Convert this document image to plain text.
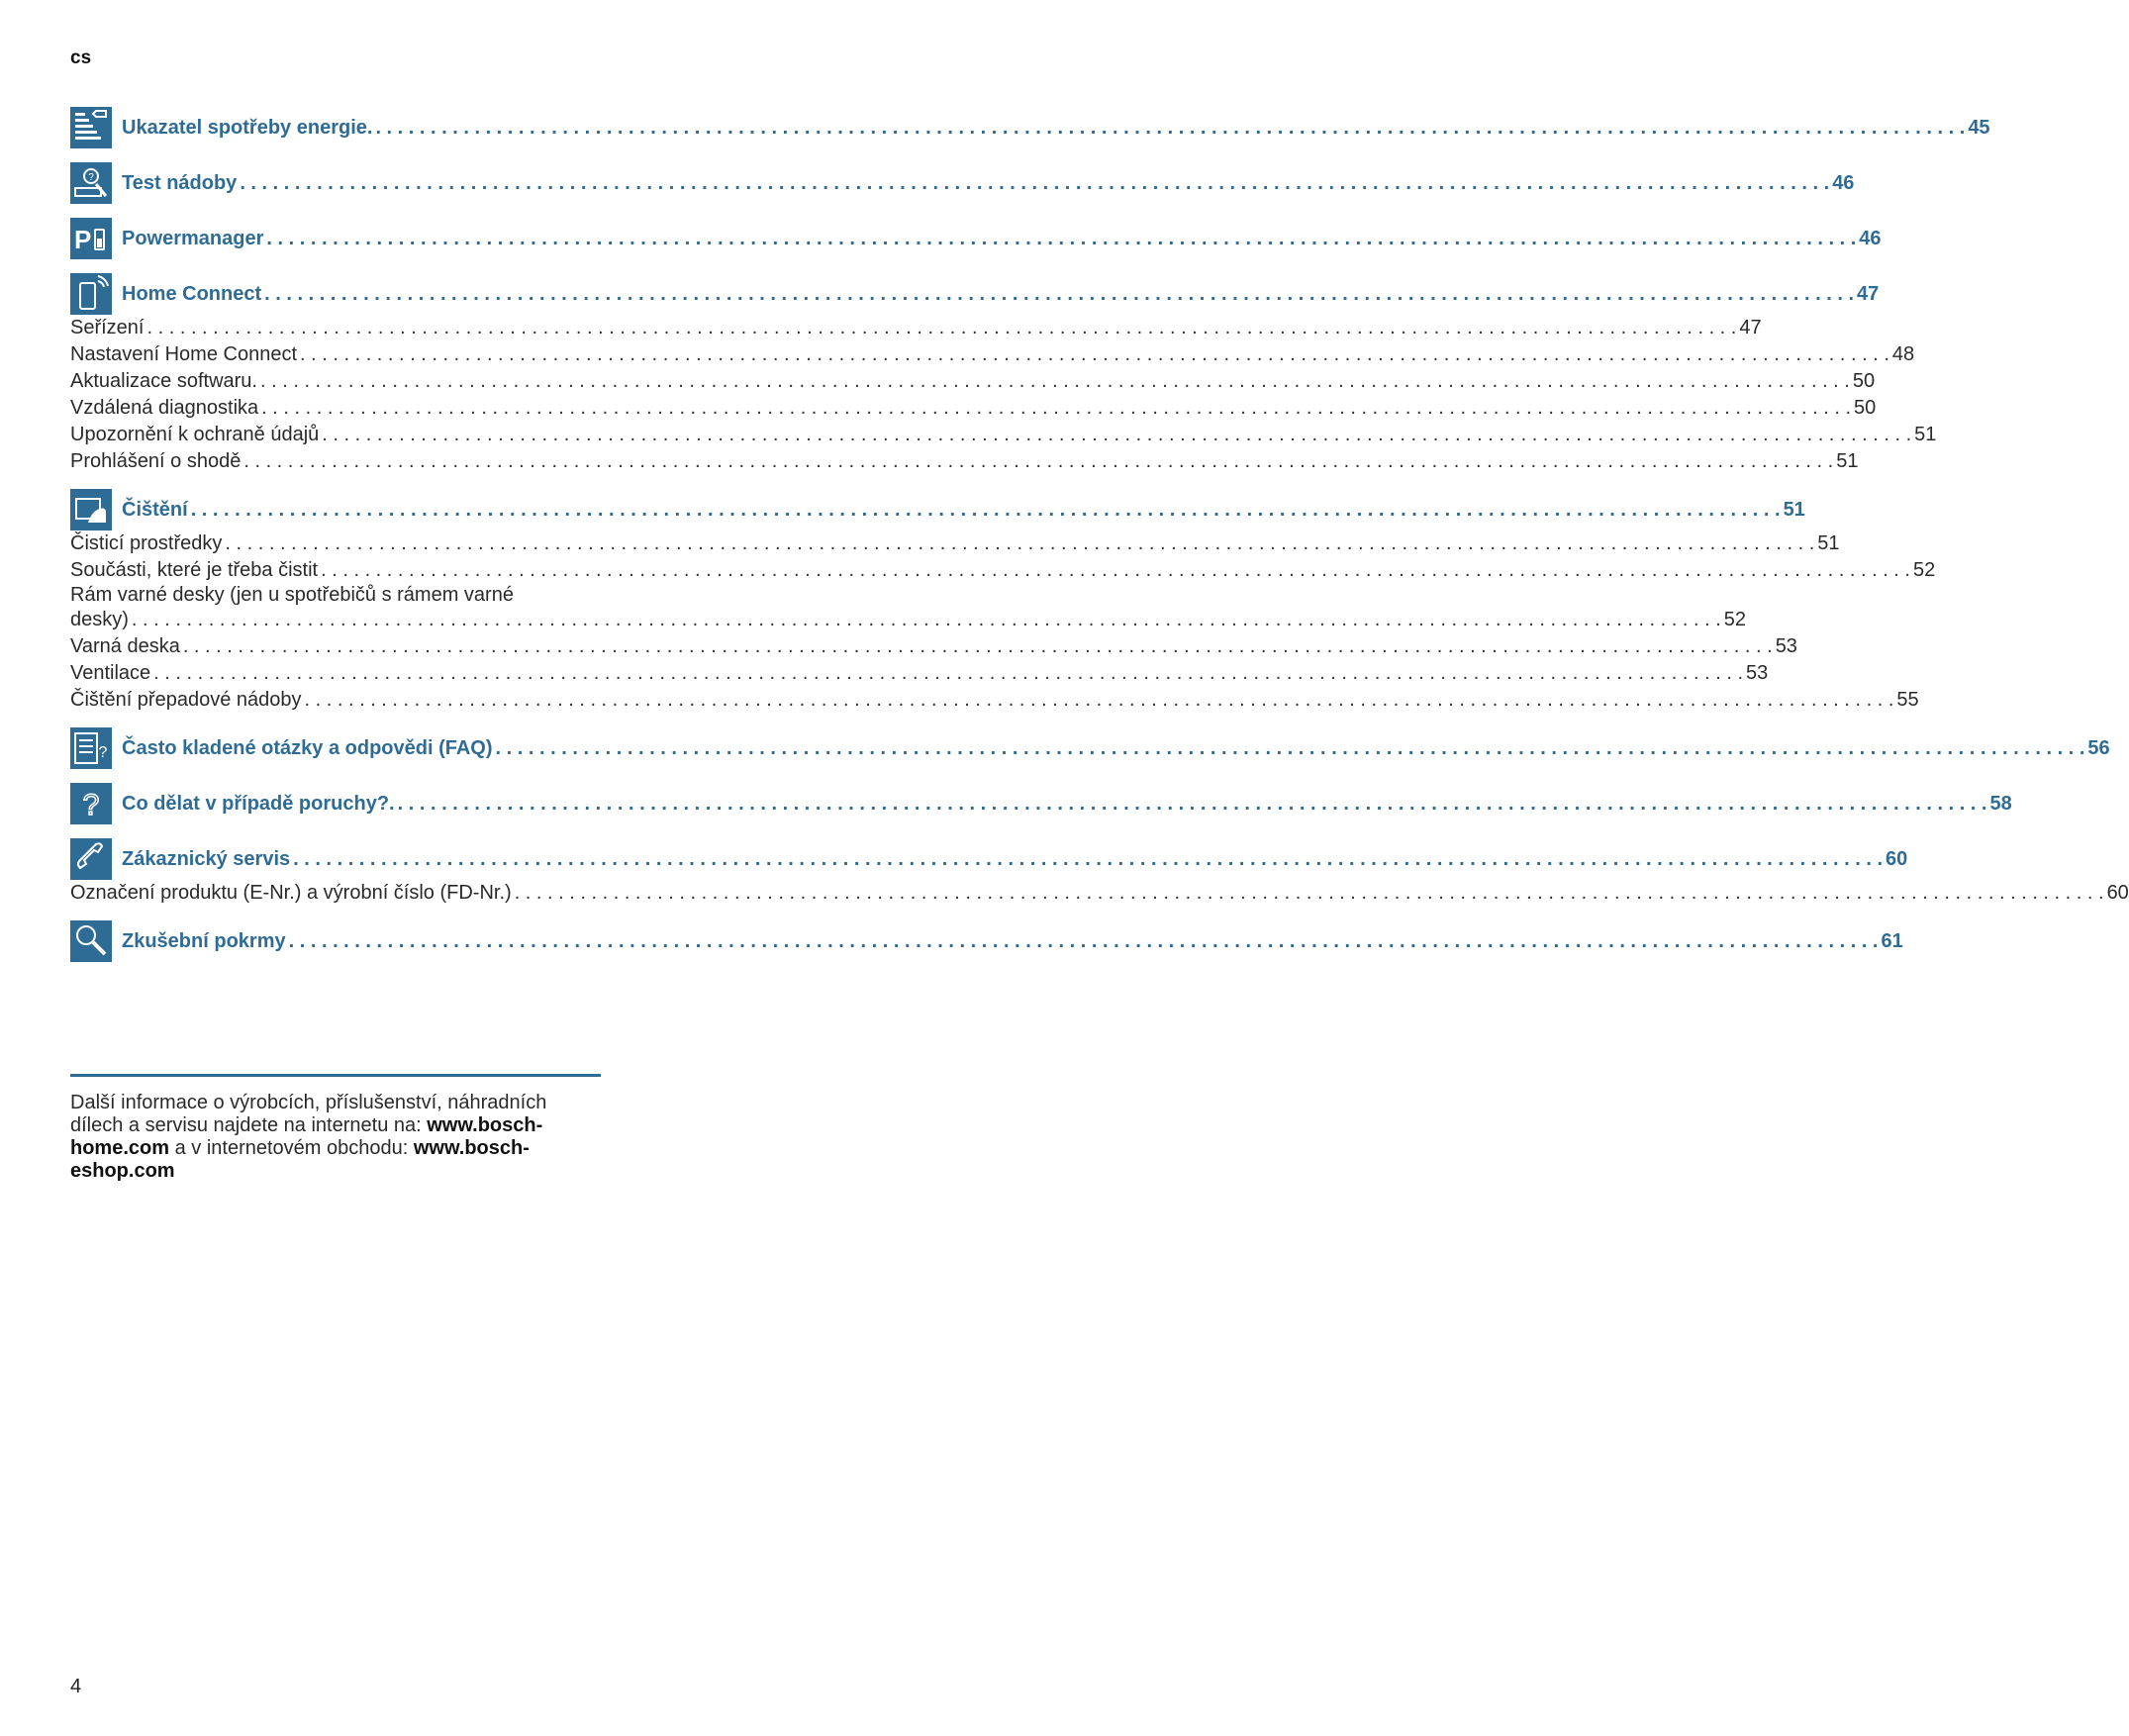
cs
Ukazatel spotřeby energie. . . .	45
? Test nádoby . . .	46
P Powermanager . . .	46
Home Connect . . .	47
Seřízení . . .	47
Nastavení Home Connect . . .	48
Aktualizace softwaru. . . .	50
Vzdálená diagnostika . . .	50
Upozornění k ochraně údajů . . .	51
Prohlášení o shodě . . .	51
Čištění . . .	51
Čisticí prostředky . . .	51
Součásti, které je třeba čistit . . .	52
Rám varné desky (jen u spotřebičů s rámem varné
desky) . . .	52
Varná deska . . .	53
Ventilace . . .	53
Čištění přepadové nádoby . . .	55
? Často kladené otázky a odpovědi (FAQ) . . .	56
? Co dělat v případě poruchy?. . . .	58
Zákaznický servis . . .	60
Označení produktu (E-Nr.) a výrobní číslo (FD-Nr.) . . .	60
Zkušební pokrmy . . .	61
Další informace o výrobcích, příslušenství, náhradních dílech a servisu najdete na internetu na: www.bosch-home.com a v internetovém obchodu: www.bosch-eshop.com
4
